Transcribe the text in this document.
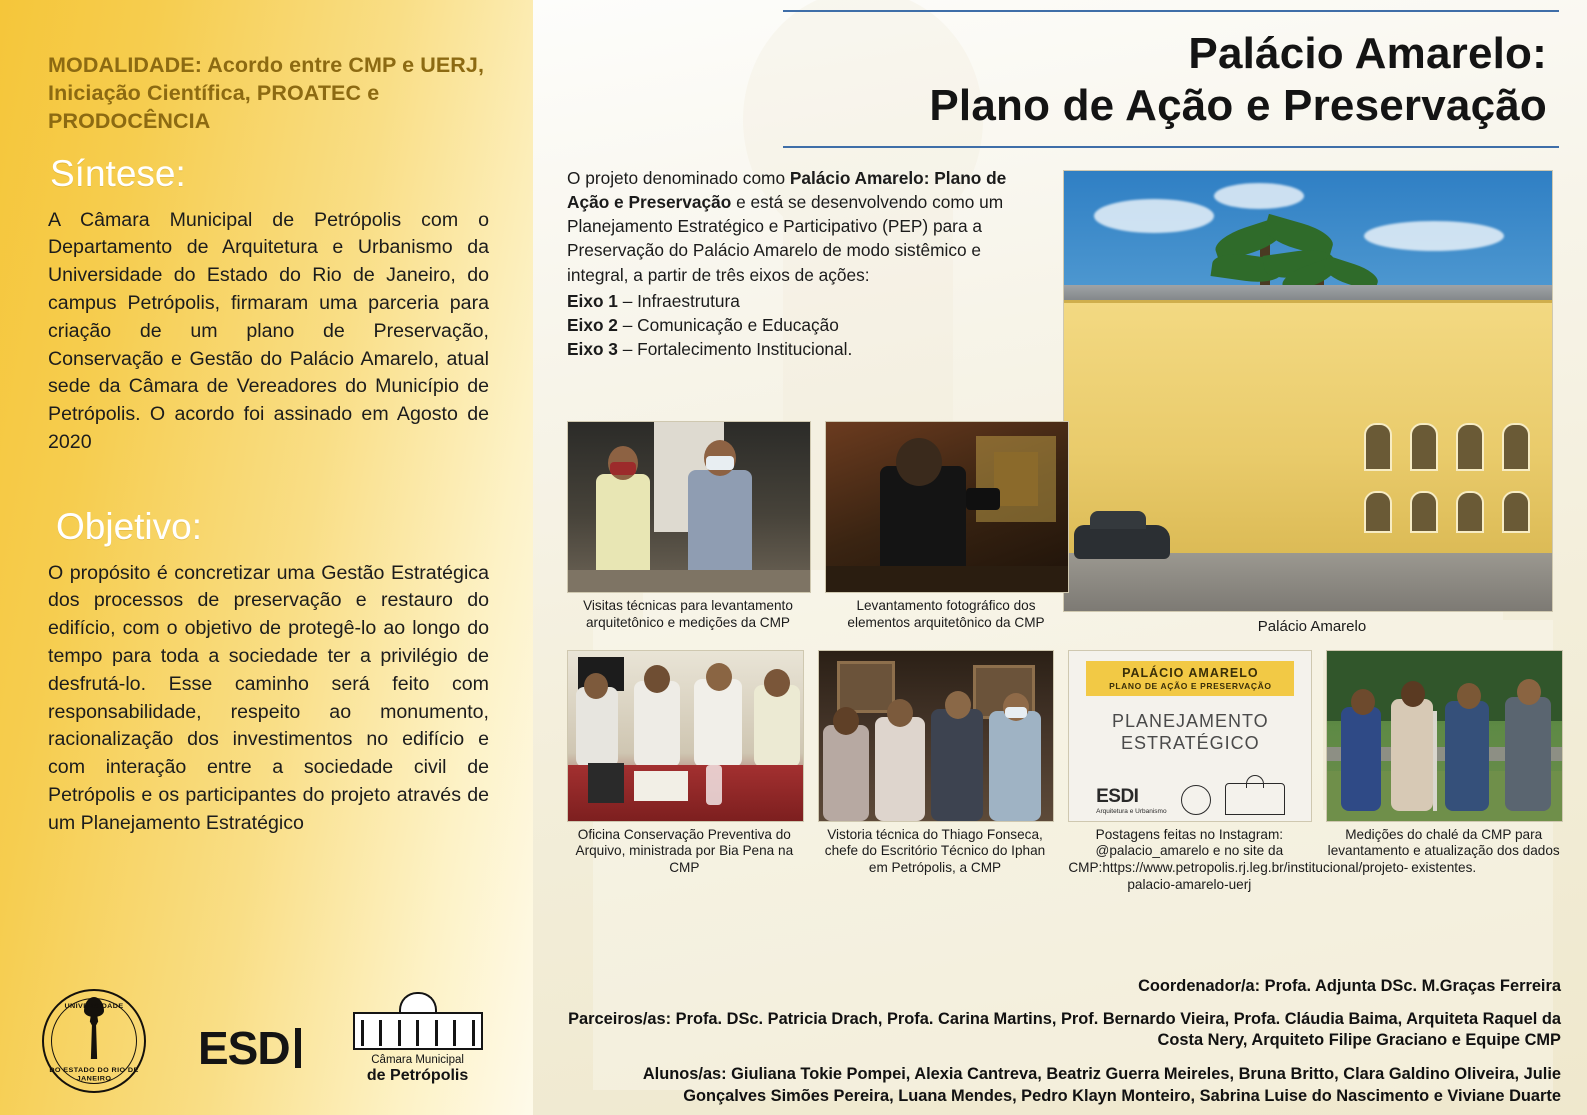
MODALIDADE: Acordo entre CMP e UERJ, Iniciação Científica, PROATEC e PRODOCÊNCIA
Síntese:

A Câmara Municipal de Petrópolis com o Departamento de Arquitetura e Urbanismo da Universidade do Estado do Rio de Janeiro, do campus Petrópolis, firmaram uma parceria para criação de um plano de Preservação, Conservação e Gestão do Palácio Amarelo, atual sede da Câmara de Vereadores do Município de Petrópolis. O acordo foi assinado em Agosto de 2020

Objetivo:

O propósito é concretizar uma Gestão Estratégica dos processos de preservação e restauro do edifício, com o objetivo de protegê-lo ao longo do tempo para toda a sociedade ter a privilégio de desfrutá-lo. Esse caminho será feito com responsabilidade, respeito ao monumento, racionalização dos investimentos no edifício e com interação entre a sociedade civil de Petrópolis e os participantes do projeto através de um Planejamento Estratégico

UNIVERSIDADE
DO ESTADO DO RIO DE JANEIRO
ESD	Câmara Municipal
de Petrópolis
Palácio Amarelo:
Plano de Ação e Preservação

O projeto denominado como Palácio Amarelo: Plano de Ação e Preservação e está se desenvolvendo como um Planejamento Estratégico e Participativo (PEP) para a Preservação do Palácio Amarelo de modo sistêmico e integral, a partir de três eixos de ações:

Eixo 1 – Infraestrutura
Eixo 2 – Comunicação e Educação
Eixo 3 – Fortalecimento Institucional.
Palácio Amarelo
Visitas técnicas para levantamento arquitetônico e medições da CMP
Levantamento fotográfico dos elementos arquitetônico da CMP
Oficina Conservação Preventiva do Arquivo, ministrada por Bia Pena na CMP
Vistoria técnica do Thiago Fonseca, chefe do Escritório Técnico do Iphan em Petrópolis, a CMP
PALÁCIO AMARELO
PLANO DE AÇÃO E PRESERVAÇÃO
PLANEJAMENTO
ESTRATÉGICO
ESDI
Arquitetura e Urbanismo
Postagens feitas no Instagram: @palacio_amarelo e no site da CMP:https://www.petropolis.rj.leg.br/institucional/projeto-palacio-amarelo-uerj
Medições do chalé da CMP para levantamento e atualização dos dados existentes.
Coordenador/a: Profa. Adjunta DSc. M.Graças Ferreira
Parceiros/as: Profa. DSc. Patricia Drach, Profa. Carina Martins, Prof. Bernardo Vieira, Profa. Cláudia Baima, Arquiteta Raquel da Costa Nery, Arquiteto Filipe Graciano e Equipe CMP
Alunos/as: Giuliana Tokie Pompei, Alexia Cantreva, Beatriz Guerra Meireles, Bruna Britto, Clara Galdino Oliveira, Julie Gonçalves Simões Pereira, Luana Mendes, Pedro Klayn Monteiro, Sabrina Luise do Nascimento e Viviane Duarte
